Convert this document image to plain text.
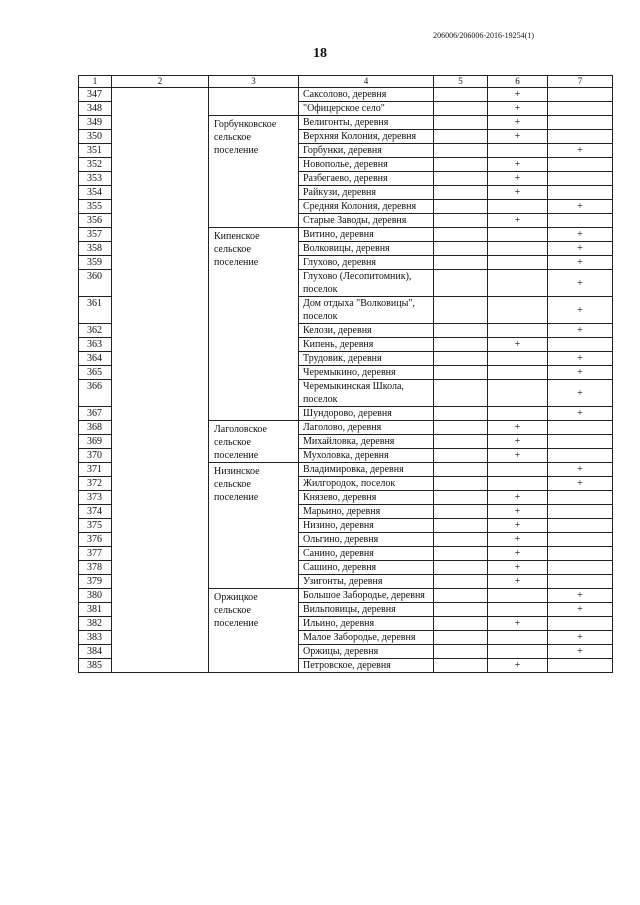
206006/206006-2016-19254(1)
18
1	2	3	4	5	6	7
347			Саксолово, деревня		+	
348			"Офицерское село"		+	
349		Горбунковское сельское поселение	Велигонты, деревня		+	
350			Верхняя Колония, деревня		+	
351			Горбунки, деревня			+
352			Новополье, деревня		+	
353			Разбегаево, деревня		+	
354			Райкузи, деревня		+	
355			Средняя Колония, деревня			+
356			Старые Заводы, деревня		+	
357		Кипенское сельское поселение	Витино, деревня			+
358			Волковицы, деревня			+
359			Глухово, деревня			+
360			Глухово (Лесопитомник), поселок			+
361			Дом отдыха "Волковицы", поселок			+
362			Келози, деревня			+
363			Кипень, деревня		+	
364			Трудовик, деревня			+
365			Черемыкино, деревня			+
366			Черемыкинская Школа, поселок			+
367			Шундорово, деревня			+
368		Лаголовское сельское поселение	Лаголово, деревня		+	
369			Михайловка, деревня		+	
370			Мухоловка, деревня		+	
371		Низинское сельское поселение	Владимировка, деревня			+
372			Жилгородок, поселок			+
373			Князево, деревня		+	
374			Марьино, деревня		+	
375			Низино, деревня		+	
376			Ольгино, деревня		+	
377			Санино, деревня		+	
378			Сашино, деревня		+	
379			Узигонты, деревня		+	
380		Оржицкое сельское поселение	Большое Забородье, деревня			+
381			Вильповицы, деревня			+
382			Ильино, деревня		+	
383			Малое Забородье, деревня			+
384			Оржицы, деревня			+
385			Петровское, деревня		+	
